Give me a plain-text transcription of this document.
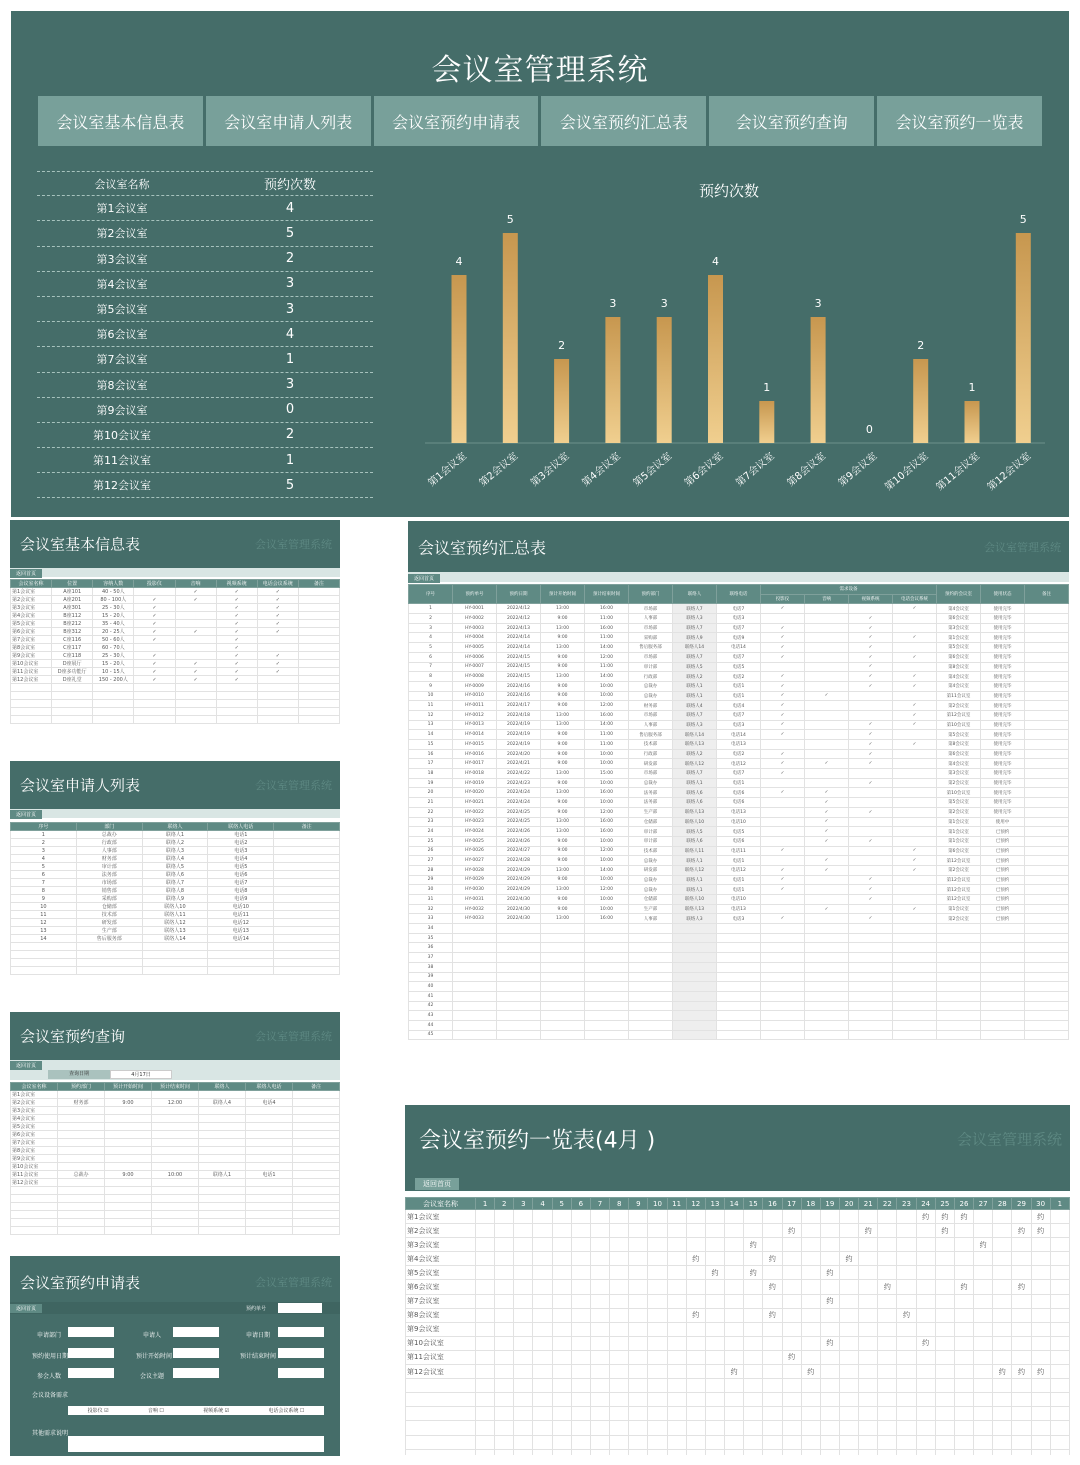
会议室管理系统
会议室基本信息表	会议室申请人列表	会议室预约申请表	会议室预约汇总表	会议室预约查询	会议室预约一览表
会议室名称	预约次数
第1会议室	4
第2会议室	5
第3会议室	2
第4会议室	3
第5会议室	3
第6会议室	4
第7会议室	1
第8会议室	3
第9会议室	0
第10会议室	2
第11会议室	1
第12会议室	5
预约次数
4
第1会议室
5
第2会议室
2
第3会议室
3
第4会议室
3
第5会议室
4
第6会议室
1
第7会议室
3
第8会议室
0
第9会议室
2
第10会议室
1
第11会议室
5
第12会议室
会议室基本信息表	会议室管理系统
返回首页
会议室名称	位置	容纳人数	投影仪	音响	视频系统	电话会议系统	备注
第1会议室	A座101	40 - 50人		✓	✓	✓	
第2会议室	A座201	80 - 100人	✓	✓	✓	✓	
第3会议室	A座301	25 - 30人	✓		✓	✓	
第4会议室	B座112	15 - 20人	✓		✓	✓	
第5会议室	B座212	35 - 40人	✓		✓	✓	
第6会议室	B座312	20 - 25人	✓	✓	✓	✓	
第7会议室	C座116	50 - 60人	✓		✓		
第8会议室	C座117	60 - 70人			✓		
第9会议室	C座118	25 - 30人	✓		✓	✓	
第10会议室	D座展厅	15 - 20人	✓	✓	✓	✓	
第11会议室	D座多功能厅	10 - 15人	✓	✓	✓	✓	
第12会议室	D座礼堂	150 - 200人	✓	✓	✓		

会议室申请人列表	会议室管理系统
返回首页
序号	部门	联络人	联络人电话	备注
1	总裁办	联络人1	电话1	
2	行政部	联络人2	电话2	
3	人事部	联络人3	电话3	
4	财务部	联络人4	电话4	
5	审计部	联络人5	电话5	
6	法务部	联络人6	电话6	
7	市场部	联络人7	电话7	
8	销售部	联络人8	电话8	
9	采购部	联络人9	电话9	
10	仓储部	联络人10	电话10	
11	技术部	联络人11	电话11	
12	研发部	联络人12	电话12	
13	生产部	联络人13	电话13	
14	售后服务部	联络人14	电话14	

会议室预约查询	会议室管理系统
返回首页
查询日期	4月17日
会议室名称	预约部门	预计开始时间	预计结束时间	联络人	联络人电话	备注
第1会议室						
第2会议室	财务部	9:00	12:00	联络人4	电话4	
第3会议室						
第4会议室						
第5会议室						
第6会议室						
第7会议室						
第8会议室						
第9会议室						
第10会议室						
第11会议室	总裁办	9:00	10:00	联络人1	电话1	
第12会议室						

会议室预约申请表	会议室管理系统
返回首页	预约单号
申请部门	申请人	申请日期
预约使用日期	预计开始时间	预计结束时间
参会人数	会议主题
会议设备需求
投影仪 ☑	音响 ☐	视频系统 ☑	电话会议系统 ☐
其他需求说明
会议室预约汇总表	会议室管理系统
返回首页
序号	预约单号	预约日期	预计开始时间	预计结束时间	预约部门	联络人	联络电话	需求设备				预约的会议室	使用状态	备注
								投影仪	音响	视频系统	电话会议系统			
1	HY-0001	2022/4/12	13:00	16:00	市场部	联络人7	电话7	✓			✓	第4会议室	使用完毕	
2	HY-0002	2022/4/12	9:00	11:00	人事部	联络人3	电话3			✓		第6会议室	使用完毕	
3	HY-0003	2022/4/13	13:00	16:00	市场部	联络人7	电话7	✓		✓		第3会议室	使用完毕	
4	HY-0004	2022/4/14	9:00	11:00	采购部	联络人9	电话9	✓		✓	✓	第1会议室	使用完毕	
5	HY-0005	2022/4/14	13:00	14:00	售后服务部	联络人14	电话14	✓		✓		第5会议室	使用完毕	
6	HY-0006	2022/4/15	9:00	12:00	市场部	联络人7	电话7	✓		✓	✓	第6会议室	使用完毕	
7	HY-0007	2022/4/15	9:00	11:00	审计部	联络人5	电话5			✓		第8会议室	使用完毕	
8	HY-0008	2022/4/15	13:00	14:00	行政部	联络人2	电话2	✓		✓	✓	第4会议室	使用完毕	
9	HY-0009	2022/4/16	9:00	10:00	总裁办	联络人1	电话1	✓		✓	✓	第4会议室	使用完毕	
10	HY-0010	2022/4/16	9:00	10:00	总裁办	联络人1	电话1	✓	✓			第11会议室	使用完毕	
11	HY-0011	2022/4/17	9:00	12:00	财务部	联络人4	电话4	✓			✓	第2会议室	使用完毕	
12	HY-0012	2022/4/18	13:00	16:00	市场部	联络人7	电话7	✓			✓	第12会议室	使用完毕	
13	HY-0013	2022/4/19	13:00	14:00	人事部	联络人3	电话3	✓		✓	✓	第10会议室	使用完毕	
14	HY-0014	2022/4/19	9:00	11:00	售后服务部	联络人14	电话14	✓		✓		第5会议室	使用完毕	
15	HY-0015	2022/4/19	9:00	11:00	技术部	联络人13	电话13			✓	✓	第8会议室	使用完毕	
16	HY-0016	2022/4/20	9:00	10:00	行政部	联络人2	电话2	✓		✓		第6会议室	使用完毕	
17	HY-0017	2022/4/21	9:00	10:00	研发部	联络人12	电话12	✓	✓	✓		第4会议室	使用完毕	
18	HY-0018	2022/4/22	13:00	15:00	市场部	联络人7	电话7	✓				第3会议室	使用完毕	
19	HY-0019	2022/4/23	9:00	10:00	总裁办	联络人1	电话1			✓		第2会议室	使用完毕	
20	HY-0020	2022/4/24	13:00	16:00	法务部	联络人6	电话6	✓	✓			第10会议室	使用完毕	
21	HY-0021	2022/4/24	9:00	10:00	法务部	联络人6	电话6		✓			第5会议室	使用完毕	
22	HY-0022	2022/4/25	9:00	12:00	生产部	联络人13	电话13		✓	✓		第2会议室	使用完毕	
23	HY-0023	2022/4/25	13:00	16:00	仓储部	联络人10	电话10		✓			第1会议室	使用中	
24	HY-0024	2022/4/26	13:00	16:00	审计部	联络人5	电话5		✓			第1会议室	已预约	
25	HY-0025	2022/4/26	9:00	10:00	审计部	联络人6	电话6		✓	✓		第1会议室	已预约	
26	HY-0026	2022/4/27	9:00	12:00	技术部	联络人11	电话11	✓			✓	第6会议室	已预约	
27	HY-0027	2022/4/28	9:00	10:00	总裁办	联络人1	电话1		✓		✓	第12会议室	已预约	
28	HY-0028	2022/4/29	13:00	14:00	研发部	联络人12	电话12	✓	✓		✓	第2会议室	已预约	
29	HY-0029	2022/4/29	9:00	10:00	总裁办	联络人1	电话1	✓		✓		第12会议室	已预约	
30	HY-0030	2022/4/29	13:00	12:00	总裁办	联络人1	电话1	✓		✓		第12会议室	已预约	
31	HY-0031	2022/4/30	9:00	10:00	仓储部	联络人10	电话10			✓		第12会议室	已预约	
32	HY-0032	2022/4/30	9:00	10:00	生产部	联络人13	电话13		✓		✓	第1会议室	已预约	
33	HY-0033	2022/4/30	13:00	16:00	人事部	联络人3	电话3	✓		✓		第2会议室	已预约	
34														
35														
36														
37														
38														
39														
40														
41														
42														
43														
44														
45														
会议室预约一览表(4月 )	会议室管理系统
返回首页
会议室名称	1	2	3	4	5	6	7	8	9	10	11	12	13	14	15	16	17	18	19	20	21	22	23	24	25	26	27	28	29	30	1
第1会议室																								约	约	约				约	
第2会议室																	约				约				约				约	约	
第3会议室															约												约				
第4会议室												约				约				约											
第5会议室													约		约				约												
第6会议室																约						约				约			约		
第7会议室																			约												
第8会议室												约				约							约								
第9会议室																															
第10会议室																			约					约							
第11会议室																	约														
第12会议室														约				约										约	约	约	
